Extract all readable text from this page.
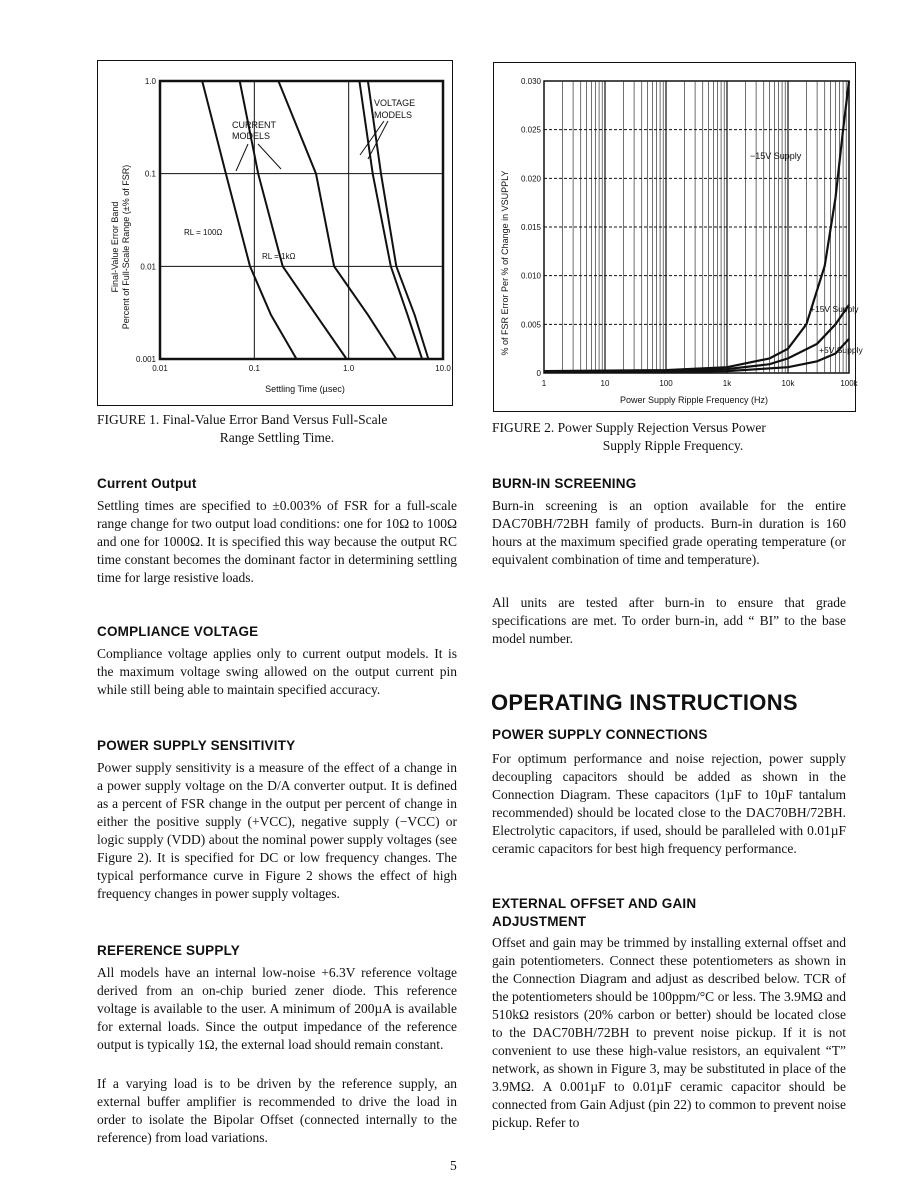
0.01	0.1	1.0	10.0
1.0
0.1
0.01
0.001
Settling Time (µsec)
Final-Value Error Band Percent of Full-Scale Range (±% of FSR)
CURRENT
MODELS
VOLTAGE
MODELS
RL = 100Ω
RL = 1kΩ
FIGURE 1. Final-Value Error Band Versus Full-Scale
Range Settling Time.
1	10	100	1k	10k	100k
0.030
0.025
0.020
0.015
0.010
0.005
0
Power Supply Ripple Frequency (Hz)
% of FSR Error Per % of Change in VSUPPLY
−15V Supply
+15V Supply
+5V Supply
FIGURE 2. Power Supply Rejection Versus Power
Supply Ripple Frequency.
Current Output

Settling times are specified to ±0.003% of FSR for a full-scale range change for two output load conditions: one for 10Ω to 100Ω and one for 1000Ω. It is specified this way because the output RC time constant becomes the dominant factor in determining settling time for large resistive loads.

COMPLIANCE VOLTAGE

Compliance voltage applies only to current output models. It is the maximum voltage swing allowed on the output current pin while still being able to maintain specified accuracy.

POWER SUPPLY SENSITIVITY

Power supply sensitivity is a measure of the effect of a change in a power supply voltage on the D/A converter output. It is defined as a percent of FSR change in the output per percent of change in either the positive supply (+VCC), negative supply (−VCC) or logic supply (VDD) about the nominal power supply voltages (see Figure 2). It is specified for DC or low frequency changes. The typical performance curve in Figure 2 shows the effect of high frequency changes in power supply voltages.

REFERENCE SUPPLY

All models have an internal low-noise +6.3V reference voltage derived from an on-chip buried zener diode. This reference voltage is available to the user. A minimum of 200µA is available for external loads. Since the output impedance of the reference output is typically 1Ω, the external load should remain constant.

If a varying load is to be driven by the reference supply, an external buffer amplifier is recommended to drive the load in order to isolate the Bipolar Offset (connected internally to the reference) from load variations.

BURN-IN SCREENING

Burn-in screening is an option available for the entire DAC70BH/72BH family of products. Burn-in duration is 160 hours at the maximum specified grade operating temperature (or equivalent combination of time and temperature).

All units are tested after burn-in to ensure that grade specifications are met. To order burn-in, add “ BI” to the base model number.

OPERATING INSTRUCTIONS
POWER SUPPLY CONNECTIONS

For optimum performance and noise rejection, power supply decoupling capacitors should be added as shown in the Connection Diagram. These capacitors (1µF to 10µF tantalum recommended) should be located close to the DAC70BH/72BH. Electrolytic capacitors, if used, should be paralleled with 0.01µF ceramic capacitors for best high frequency performance.

EXTERNAL OFFSET AND GAIN
ADJUSTMENT

Offset and gain may be trimmed by installing external offset and gain potentiometers. Connect these potentiometers as shown in the Connection Diagram and adjust as described below. TCR of the potentiometers should be 100ppm/°C or less. The 3.9MΩ and 510kΩ resistors (20% carbon or better) should be located close to the DAC70BH/72BH to prevent noise pickup. If it is not convenient to use these high-value resistors, an equivalent “T” network, as shown in Figure 3, may be substituted in place of the 3.9MΩ. A 0.001µF to 0.01µF ceramic capacitor should be connected from Gain Adjust (pin 22) to common to prevent noise pickup. Refer to

5
